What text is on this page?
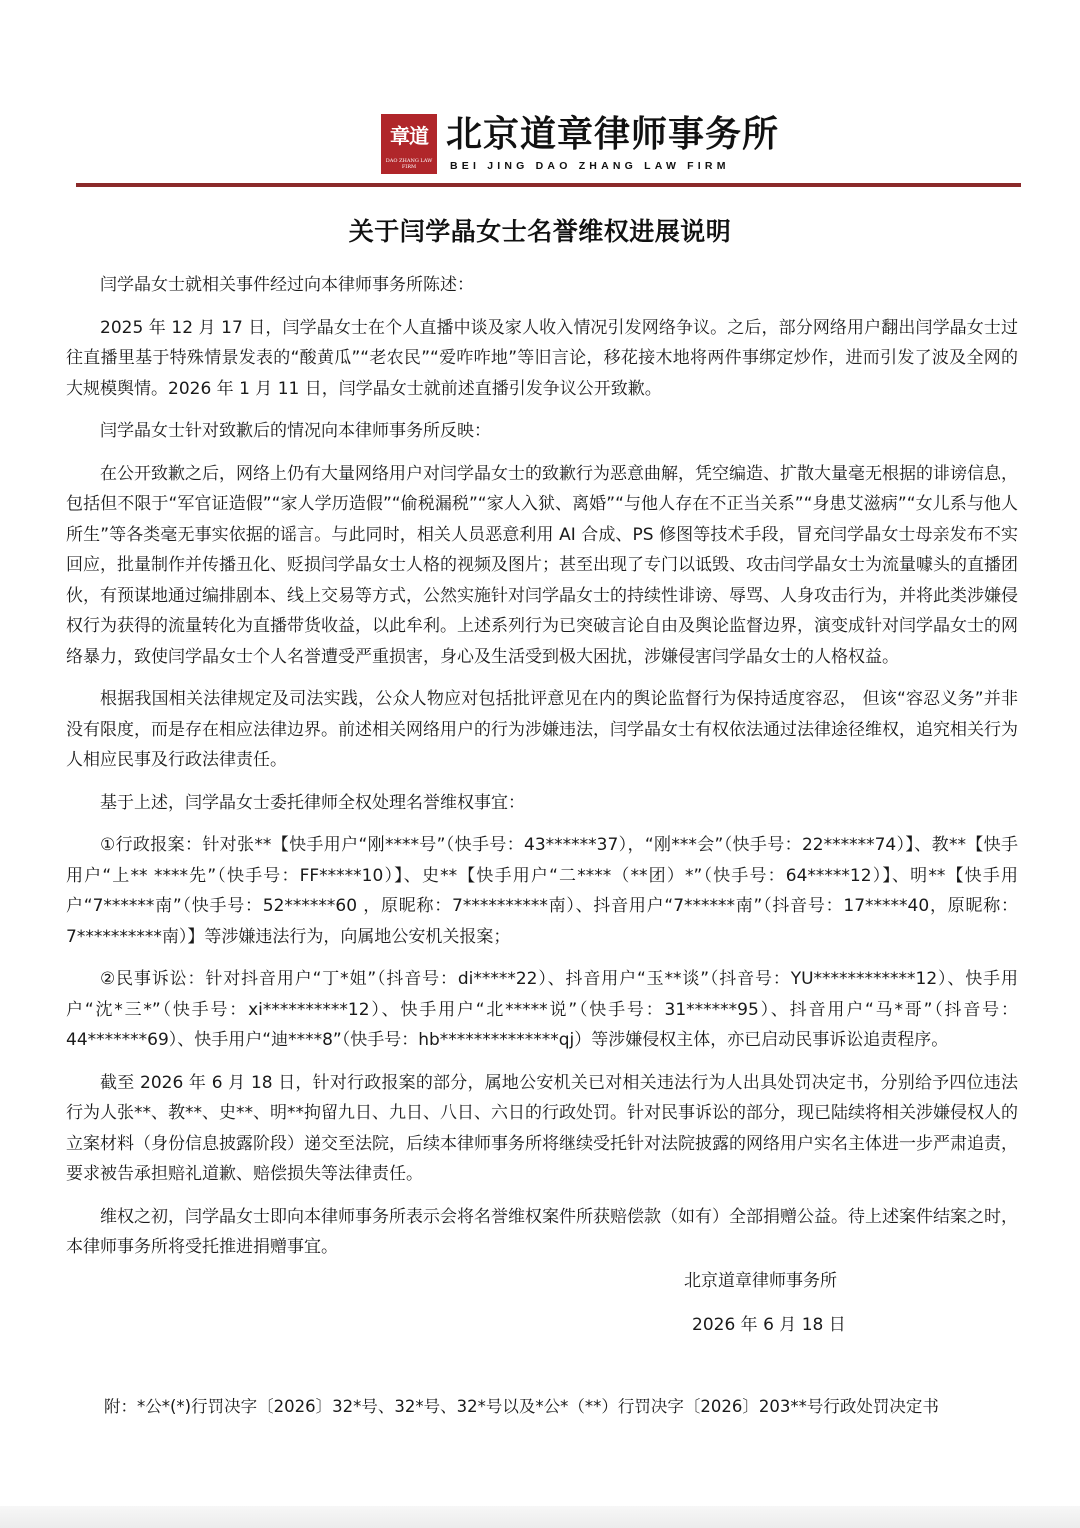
章道
DAO ZHANG LAW FIRM
北京道章律师事务所
BEI JING DAO ZHANG LAW FIRM
关于闫学晶女士名誉维权进展说明

闫学晶女士就相关事件经过向本律师事务所陈述：

2025 年 12 月 17 日，闫学晶女士在个人直播中谈及家人收入情况引发网络争议。之后，部分网络用户翻出闫学晶女士过往直播里基于特殊情景发表的“酸黄瓜”“老农民”“爱咋咋地”等旧言论，移花接木地将两件事绑定炒作，进而引发了波及全网的大规模舆情。2026 年 1 月 11 日，闫学晶女士就前述直播引发争议公开致歉。

闫学晶女士针对致歉后的情况向本律师事务所反映：

在公开致歉之后，网络上仍有大量网络用户对闫学晶女士的致歉行为恶意曲解，凭空编造、扩散大量毫无根据的诽谤信息，包括但不限于“军官证造假”“家人学历造假”“偷税漏税”“家人入狱、离婚”“与他人存在不正当关系”“身患艾滋病”“女儿系与他人所生”等各类毫无事实依据的谣言。与此同时，相关人员恶意利用 AI 合成、PS 修图等技术手段，冒充闫学晶女士母亲发布不实回应，批量制作并传播丑化、贬损闫学晶女士人格的视频及图片；甚至出现了专门以诋毁、攻击闫学晶女士为流量噱头的直播团伙，有预谋地通过编排剧本、线上交易等方式，公然实施针对闫学晶女士的持续性诽谤、辱骂、人身攻击行为，并将此类涉嫌侵权行为获得的流量转化为直播带货收益，以此牟利。上述系列行为已突破言论自由及舆论监督边界，演变成针对闫学晶女士的网络暴力，致使闫学晶女士个人名誉遭受严重损害，身心及生活受到极大困扰，涉嫌侵害闫学晶女士的人格权益。

根据我国相关法律规定及司法实践，公众人物应对包括批评意见在内的舆论监督行为保持适度容忍， 但该“容忍义务”并非没有限度，而是存在相应法律边界。前述相关网络用户的行为涉嫌违法，闫学晶女士有权依法通过法律途径维权，追究相关行为人相应民事及行政法律责任。

基于上述，闫学晶女士委托律师全权处理名誉维权事宜：

①行政报案：针对张**【快手用户“刚****号”（快手号：43******37），“刚***会”（快手号：22******74）】、教**【快手用户“上** ****先”（快手号：FF*****10）】、史**【快手用户“二****（**团）*”（快手号：64*****12）】、明**【快手用户“7******南”（快手号：52******60 ，原昵称：7**********南）、抖音用户“7******南”（抖音号：17*****40，原昵称：7**********南）】等涉嫌违法行为，向属地公安机关报案；

②民事诉讼：针对抖音用户“丁*姐”（抖音号：di*****22）、抖音用户“玉**谈”（抖音号：YU************12）、快手用户“沈*三*”（快手号：xi**********12）、快手用户“北*****说”（快手号：31******95）、抖音用户“马*哥”（抖音号：44*******69）、快手用户“迪****8”（快手号：hb**************qj）等涉嫌侵权主体，亦已启动民事诉讼追责程序。

截至 2026 年 6 月 18 日，针对行政报案的部分，属地公安机关已对相关违法行为人出具处罚决定书，分别给予四位违法行为人张**、教**、史**、明**拘留九日、九日、八日、六日的行政处罚。针对民事诉讼的部分，现已陆续将相关涉嫌侵权人的立案材料（身份信息披露阶段）递交至法院，后续本律师事务所将继续受托针对法院披露的网络用户实名主体进一步严肃追责，要求被告承担赔礼道歉、赔偿损失等法律责任。

维权之初，闫学晶女士即向本律师事务所表示会将名誉维权案件所获赔偿款（如有）全部捐赠公益。待上述案件结案之时，本律师事务所将受托推进捐赠事宜。

北京道章律师事务所
2026 年 6 月 18 日
附：*公*(*)行罚决字〔2026〕32*号、32*号、32*号以及*公*（**）行罚决字〔2026〕203**号行政处罚决定书
